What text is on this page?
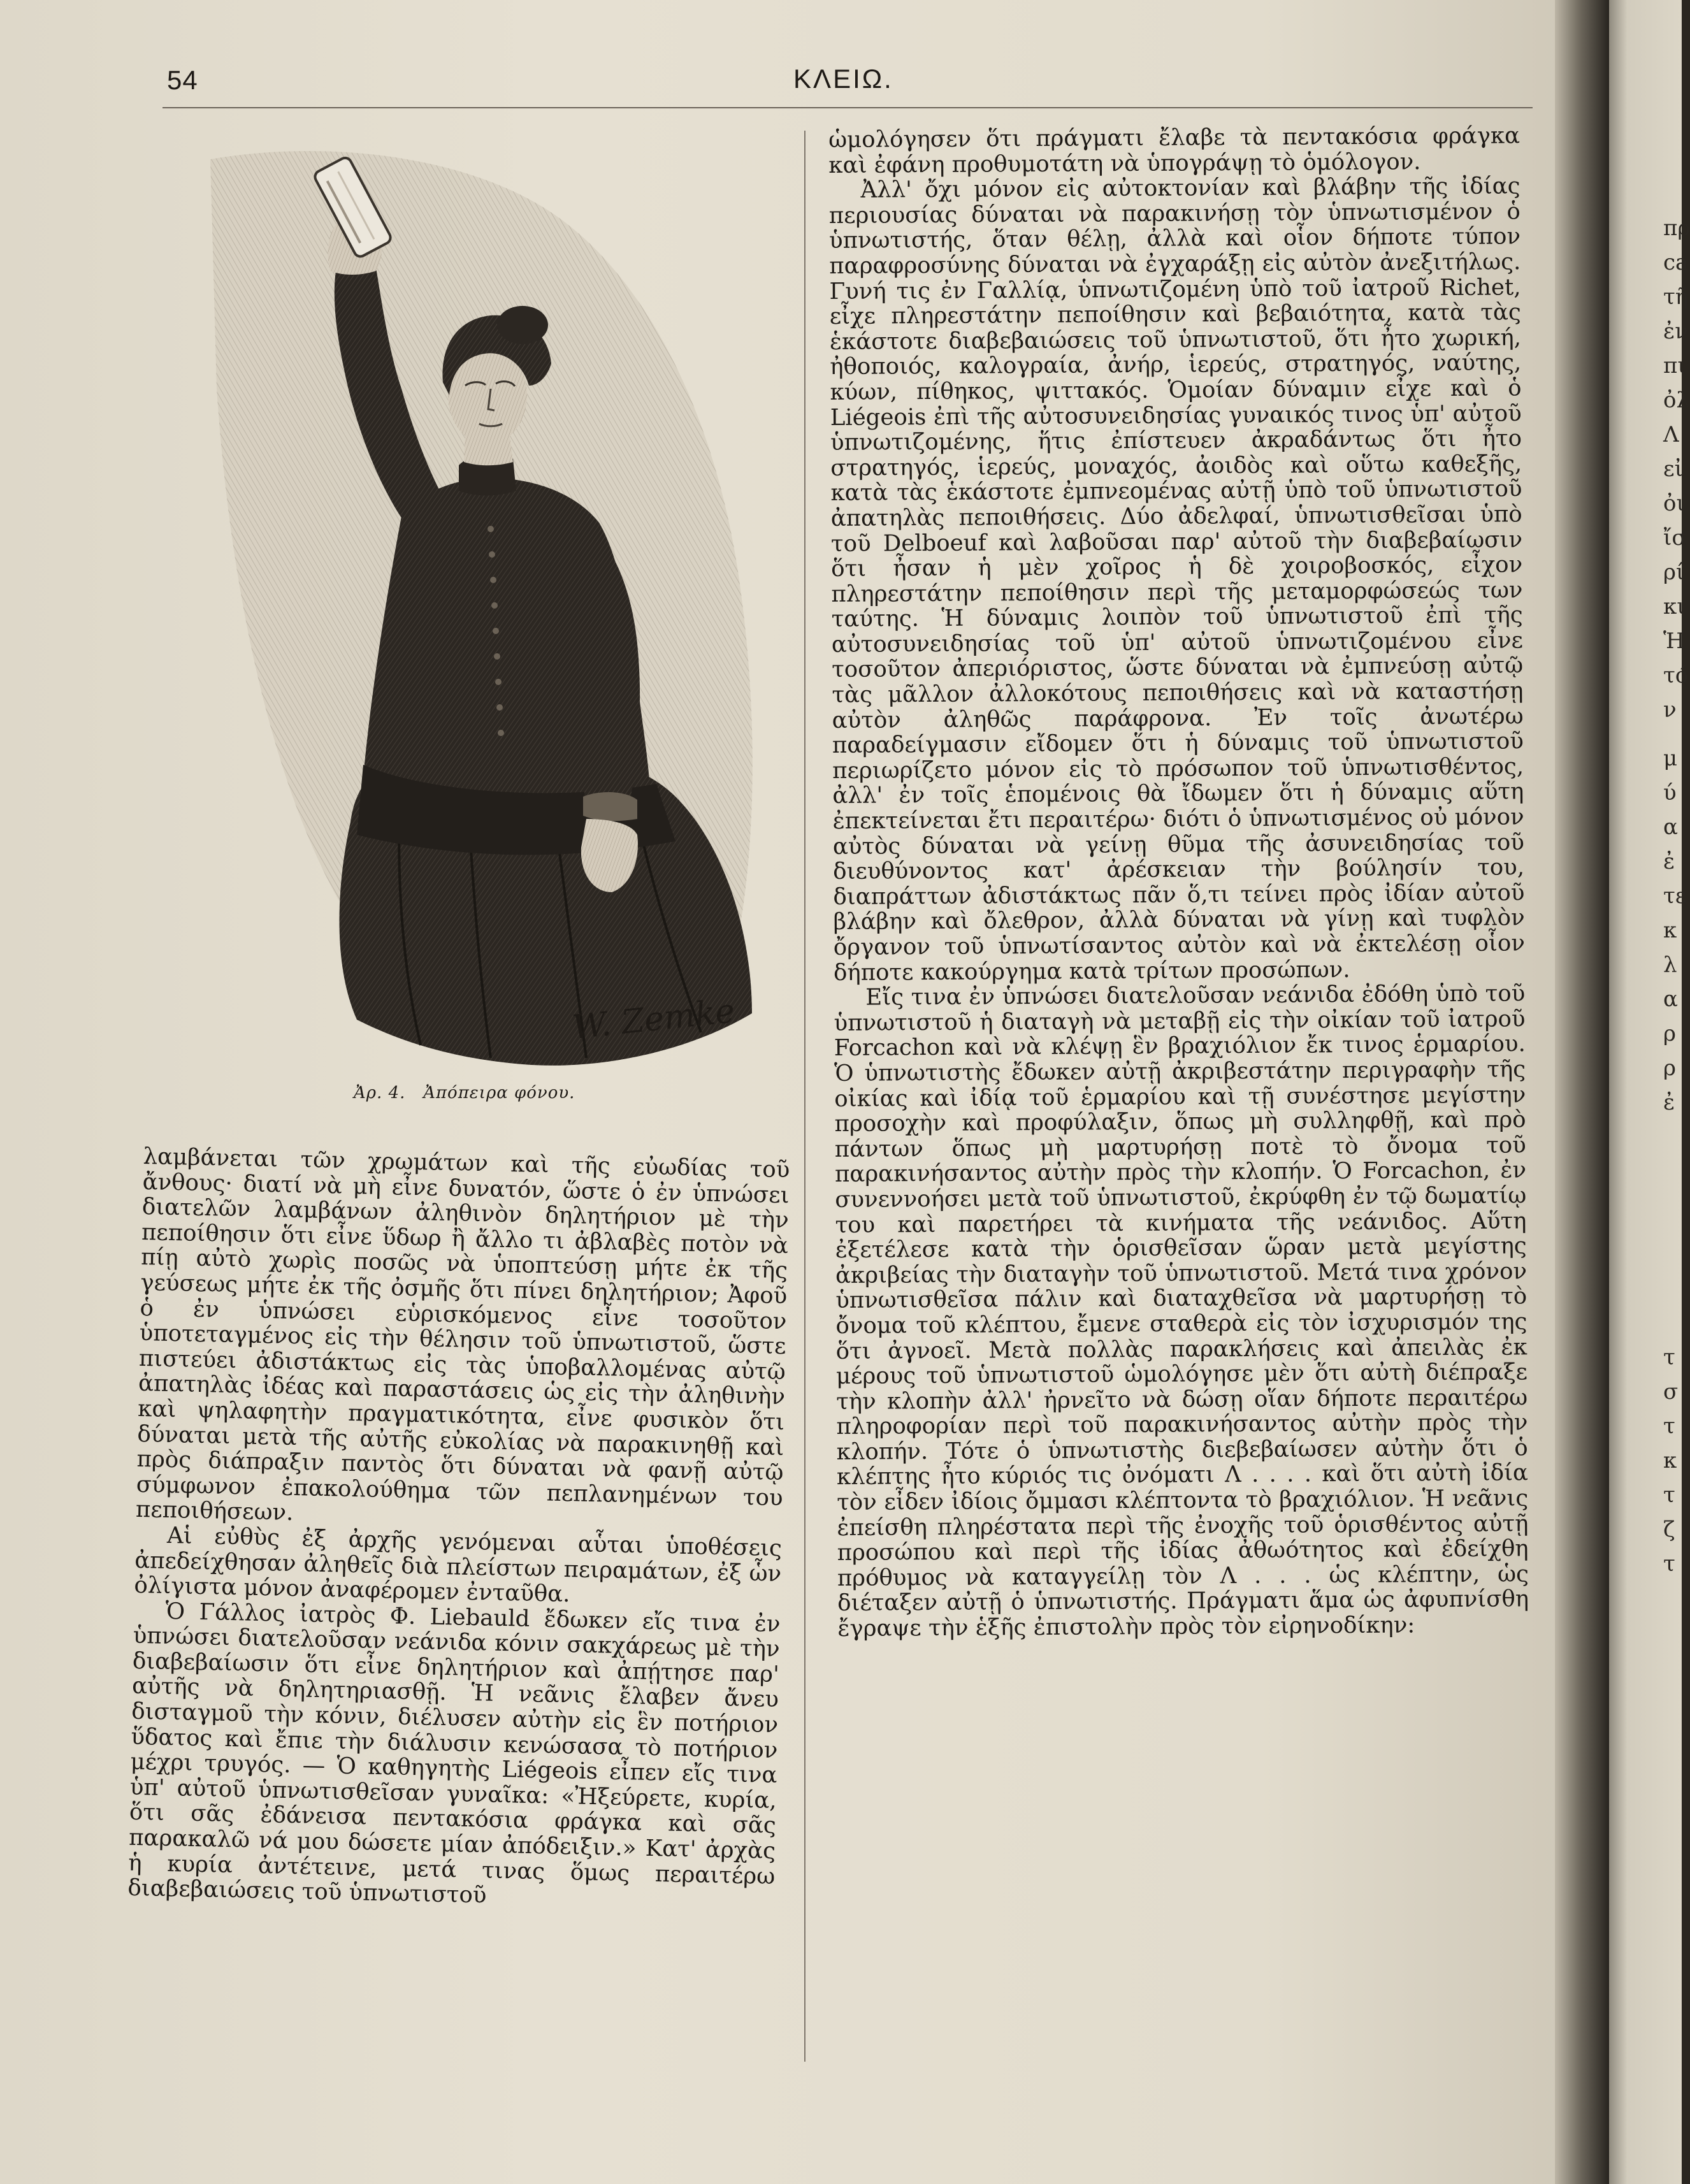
πρ
ca
τῆ
ἐν
πι
ὀλ
Λ
εἰ
ὀι
ἴσ
ρί
κι
Ἡ
τό
ν
μ
ύ
α
ἐ
τε
κ
λ
α
ρ
ρ
ἐ
τ
σ
τ
κ
τ
ζ
τ
54	ΚΛΕΙΩ.
W. Zemke
Ἀρ. 4.   Ἀπόπειρα φόνου.

λαμβάνεται τῶν χρωμάτων καὶ τῆς εὐωδίας τοῦ ἄνθους· διατί νὰ μὴ εἶνε δυνατόν, ὥστε ὁ ἐν ὑπνώσει διατελῶν λαμβάνων ἀληθινὸν δηλητήριον μὲ τὴν πεποίθησιν ὅτι εἶνε ὕδωρ ἢ ἄλλο τι ἀβλαβὲς ποτὸν νὰ πίῃ αὐτὸ χωρὶς ποσῶς νὰ ὑποπτεύσῃ μήτε ἐκ τῆς γεύσεως μήτε ἐκ τῆς ὀσμῆς ὅτι πίνει δηλητήριον; Ἀφοῦ ὁ ἐν ὑπνώσει εὑρισκόμενος εἶνε τοσοῦτον ὑποτεταγμένος εἰς τὴν θέλησιν τοῦ ὑπνωτιστοῦ, ὥστε πιστεύει ἀδιστάκτως εἰς τὰς ὑποβαλλομένας αὐτῷ ἀπατηλὰς ἰδέας καὶ παραστάσεις ὡς εἰς τὴν ἀληθινὴν καὶ ψηλαφητὴν πραγματικότητα, εἶνε φυσικὸν ὅτι δύναται μετὰ τῆς αὐτῆς εὐκολίας νὰ παρακινηθῇ καὶ πρὸς διάπραξιν παντὸς ὅτι δύναται νὰ φανῇ αὐτῷ σύμφωνον ἐπακολούθημα τῶν πεπλανημένων του πεποιθήσεων.

Αἱ εὐθὺς ἐξ ἀρχῆς γενόμεναι αὗται ὑποθέσεις ἀπεδείχθησαν ἀληθεῖς διὰ πλείστων πειραμάτων, ἐξ ὧν ὀλίγιστα μόνον ἀναφέρομεν ἐνταῦθα.

Ὁ Γάλλος ἰατρὸς Φ. Liebauld ἔδωκεν εἴς τινα ἐν ὑπνώσει διατελοῦσαν νεάνιδα κόνιν σακχάρεως μὲ τὴν διαβεβαίωσιν ὅτι εἶνε δηλητήριον καὶ ἀπῄτησε παρ' αὐτῆς νὰ δηλητηριασθῇ. Ἡ νεᾶνις ἔλαβεν ἄνευ δισταγμοῦ τὴν κόνιν, διέλυσεν αὐτὴν εἰς ἓν ποτήριον ὕδατος καὶ ἔπιε τὴν διάλυσιν κενώσασα τὸ ποτήριον μέχρι τρυγός. — Ὁ καθηγητὴς Liégeois εἶπεν εἴς τινα ὑπ' αὐτοῦ ὑπνωτισθεῖσαν γυναῖκα: «Ἠξεύρετε, κυρία, ὅτι σᾶς ἐδάνεισα πεντακόσια φράγκα καὶ σᾶς παρακαλῶ νά μου δώσετε μίαν ἀπόδειξιν.» Κατ' ἀρχὰς ἡ κυρία ἀντέτεινε, μετά τινας ὅμως περαιτέρω διαβεβαιώσεις τοῦ ὑπνωτιστοῦ

ὡμολόγησεν ὅτι πράγματι ἔλαβε τὰ πεντακόσια φράγκα καὶ ἐφάνη προθυμοτάτη νὰ ὑπογράψῃ τὸ ὁμόλογον.

Ἀλλ' ὄχι μόνον εἰς αὐτοκτονίαν καὶ βλάβην τῆς ἰδίας περιουσίας δύναται νὰ παρακινήσῃ τὸν ὑπνωτισμένον ὁ ὑπνωτιστής, ὅταν θέλῃ, ἀλλὰ καὶ οἷον δήποτε τύπον παραφροσύνης δύναται νὰ ἐγχαράξῃ εἰς αὐτὸν ἀνεξιτήλως. Γυνή τις ἐν Γαλλίᾳ, ὑπνωτιζομένη ὑπὸ τοῦ ἰατροῦ Richet, εἶχε πληρεστάτην πεποίθησιν καὶ βεβαιότητα, κατὰ τὰς ἑκάστοτε διαβεβαιώσεις τοῦ ὑπνωτιστοῦ, ὅτι ἦτο χωρική, ἠθοποιός, καλογραία, ἀνήρ, ἱερεύς, στρατηγός, ναύτης, κύων, πίθηκος, ψιττακός. Ὁμοίαν δύναμιν εἶχε καὶ ὁ Liégeois ἐπὶ τῆς αὐτοσυνειδησίας γυναικός τινος ὑπ' αὐτοῦ ὑπνωτιζομένης, ἥτις ἐπίστευεν ἀκραδάντως ὅτι ἦτο στρατηγός, ἱερεύς, μοναχός, ἀοιδὸς καὶ οὕτω καθεξῆς, κατὰ τὰς ἑκάστοτε ἐμπνεομένας αὐτῇ ὑπὸ τοῦ ὑπνωτιστοῦ ἀπατηλὰς πεποιθήσεις. Δύο ἀδελφαί, ὑπνωτισθεῖσαι ὑπὸ τοῦ Delboeuf καὶ λαβοῦσαι παρ' αὐτοῦ τὴν διαβεβαίωσιν ὅτι ἦσαν ἡ μὲν χοῖρος ἡ δὲ χοιροβοσκός, εἶχον πληρεστάτην πεποίθησιν περὶ τῆς μεταμορφώσεώς των ταύτης. Ἡ δύναμις λοιπὸν τοῦ ὑπνωτιστοῦ ἐπὶ τῆς αὐτοσυνειδησίας τοῦ ὑπ' αὐτοῦ ὑπνωτιζομένου εἶνε τοσοῦτον ἀπεριόριστος, ὥστε δύναται νὰ ἐμπνεύσῃ αὐτῷ τὰς μᾶλλον ἀλλοκότους πεποιθήσεις καὶ νὰ καταστήσῃ αὐτὸν ἀληθῶς παράφρονα. Ἐν τοῖς ἀνωτέρω παραδείγμασιν εἴδομεν ὅτι ἡ δύναμις τοῦ ὑπνωτιστοῦ περιωρίζετο μόνον εἰς τὸ πρόσωπον τοῦ ὑπνωτισθέντος, ἀλλ' ἐν τοῖς ἑπομένοις θὰ ἴδωμεν ὅτι ἡ δύναμις αὕτη ἐπεκτείνεται ἔτι περαιτέρω· διότι ὁ ὑπνωτισμένος οὐ μόνον αὐτὸς δύναται νὰ γείνῃ θῦμα τῆς ἀσυνειδησίας τοῦ διευθύνοντος κατ' ἀρέσκειαν τὴν βούλησίν του, διαπράττων ἀδιστάκτως πᾶν ὅ,τι τείνει πρὸς ἰδίαν αὐτοῦ βλάβην καὶ ὄλεθρον, ἀλλὰ δύναται νὰ γίνῃ καὶ τυφλὸν ὄργανον τοῦ ὑπνωτίσαντος αὐτὸν καὶ νὰ ἐκτελέσῃ οἷον δήποτε κακούργημα κατὰ τρίτων προσώπων.

Εἴς τινα ἐν ὑπνώσει διατελοῦσαν νεάνιδα ἐδόθη ὑπὸ τοῦ ὑπνωτιστοῦ ἡ διαταγὴ νὰ μεταβῇ εἰς τὴν οἰκίαν τοῦ ἰατροῦ Forcachon καὶ νὰ κλέψῃ ἓν βραχιόλιον ἔκ τινος ἑρμαρίου. Ὁ ὑπνωτιστὴς ἔδωκεν αὐτῇ ἀκριβεστάτην περιγραφὴν τῆς οἰκίας καὶ ἰδίᾳ τοῦ ἑρμαρίου καὶ τῇ συνέστησε μεγίστην προσοχὴν καὶ προφύλαξιν, ὅπως μὴ συλληφθῇ, καὶ πρὸ πάντων ὅπως μὴ μαρτυρήσῃ ποτὲ τὸ ὄνομα τοῦ παρακινήσαντος αὐτὴν πρὸς τὴν κλοπήν. Ὁ Forcachon, ἐν συνεννοήσει μετὰ τοῦ ὑπνωτιστοῦ, ἐκρύφθη ἐν τῷ δωματίῳ του καὶ παρετήρει τὰ κινήματα τῆς νεάνιδος. Αὕτη ἐξετέλεσε κατὰ τὴν ὁρισθεῖσαν ὥραν μετὰ μεγίστης ἀκριβείας τὴν διαταγὴν τοῦ ὑπνωτιστοῦ. Μετά τινα χρόνον ὑπνωτισθεῖσα πάλιν καὶ διαταχθεῖσα νὰ μαρτυρήσῃ τὸ ὄνομα τοῦ κλέπτου, ἔμενε σταθερὰ εἰς τὸν ἰσχυρισμόν της ὅτι ἀγνοεῖ. Μετὰ πολλὰς παρακλήσεις καὶ ἀπειλὰς ἐκ μέρους τοῦ ὑπνωτιστοῦ ὡμολόγησε μὲν ὅτι αὐτὴ διέπραξε τὴν κλοπὴν ἀλλ' ἠρνεῖτο νὰ δώσῃ οἵαν δήποτε περαιτέρω πληροφορίαν περὶ τοῦ παρακινήσαντος αὐτὴν πρὸς τὴν κλοπήν. Τότε ὁ ὑπνωτιστὴς διεβεβαίωσεν αὐτὴν ὅτι ὁ κλέπτης ἦτο κύριός τις ὀνόματι Λ . . . . καὶ ὅτι αὐτὴ ἰδία τὸν εἶδεν ἰδίοις ὄμμασι κλέπτοντα τὸ βραχιόλιον. Ἡ νεᾶνις ἐπείσθη πληρέστατα περὶ τῆς ἐνοχῆς τοῦ ὁρισθέντος αὐτῇ προσώπου καὶ περὶ τῆς ἰδίας ἀθωότητος καὶ ἐδείχθη πρόθυμος νὰ καταγγείλῃ τὸν Λ . . . ὡς κλέπτην, ὡς διέταξεν αὐτῇ ὁ ὑπνωτιστής. Πράγματι ἅμα ὡς ἀφυπνίσθη ἔγραψε τὴν ἑξῆς ἐπιστολὴν πρὸς τὸν εἰρηνοδίκην:
